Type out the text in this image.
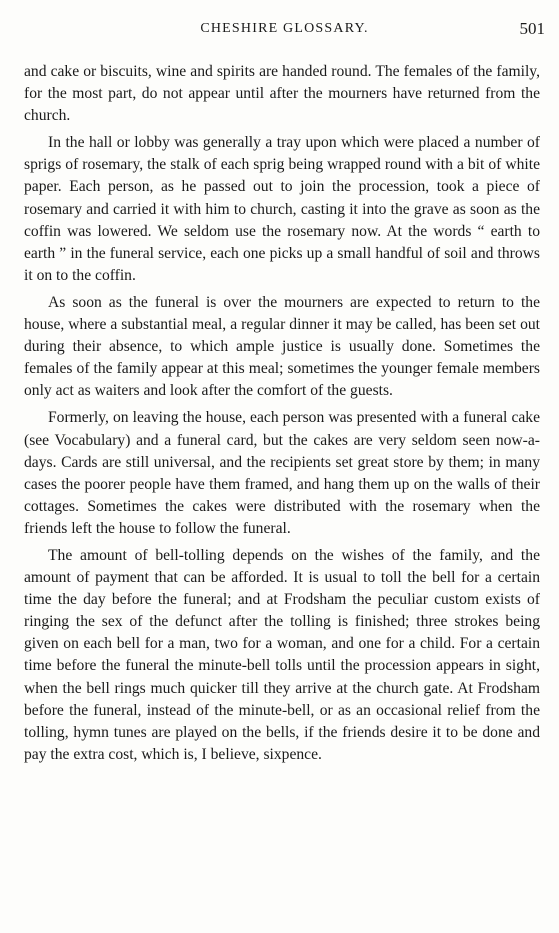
CHESHIRE GLOSSARY.	501

and cake or biscuits, wine and spirits are handed round. The females of the family, for the most part, do not appear until after the mourners have returned from the church.

In the hall or lobby was generally a tray upon which were placed a number of sprigs of rosemary, the stalk of each sprig being wrapped round with a bit of white paper. Each person, as he passed out to join the procession, took a piece of rosemary and carried it with him to church, casting it into the grave as soon as the coffin was lowered. We seldom use the rosemary now. At the words “ earth to earth ” in the funeral service, each one picks up a small handful of soil and throws it on to the coffin.

As soon as the funeral is over the mourners are expected to return to the house, where a substantial meal, a regular dinner it may be called, has been set out during their absence, to which ample justice is usually done. Sometimes the females of the family appear at this meal; sometimes the younger female members only act as waiters and look after the comfort of the guests.

Formerly, on leaving the house, each person was presented with a funeral cake (see Vocabulary) and a funeral card, but the cakes are very seldom seen now-a-days. Cards are still universal, and the recipients set great store by them; in many cases the poorer people have them framed, and hang them up on the walls of their cottages. Sometimes the cakes were distributed with the rosemary when the friends left the house to follow the funeral.

The amount of bell-tolling depends on the wishes of the family, and the amount of payment that can be afforded. It is usual to toll the bell for a certain time the day before the funeral; and at Frodsham the peculiar custom exists of ringing the sex of the defunct after the tolling is finished; three strokes being given on each bell for a man, two for a woman, and one for a child. For a certain time before the funeral the minute-bell tolls until the procession appears in sight, when the bell rings much quicker till they arrive at the church gate. At Frodsham before the funeral, instead of the minute-bell, or as an occasional relief from the tolling, hymn tunes are played on the bells, if the friends desire it to be done and pay the extra cost, which is, I believe, sixpence.
